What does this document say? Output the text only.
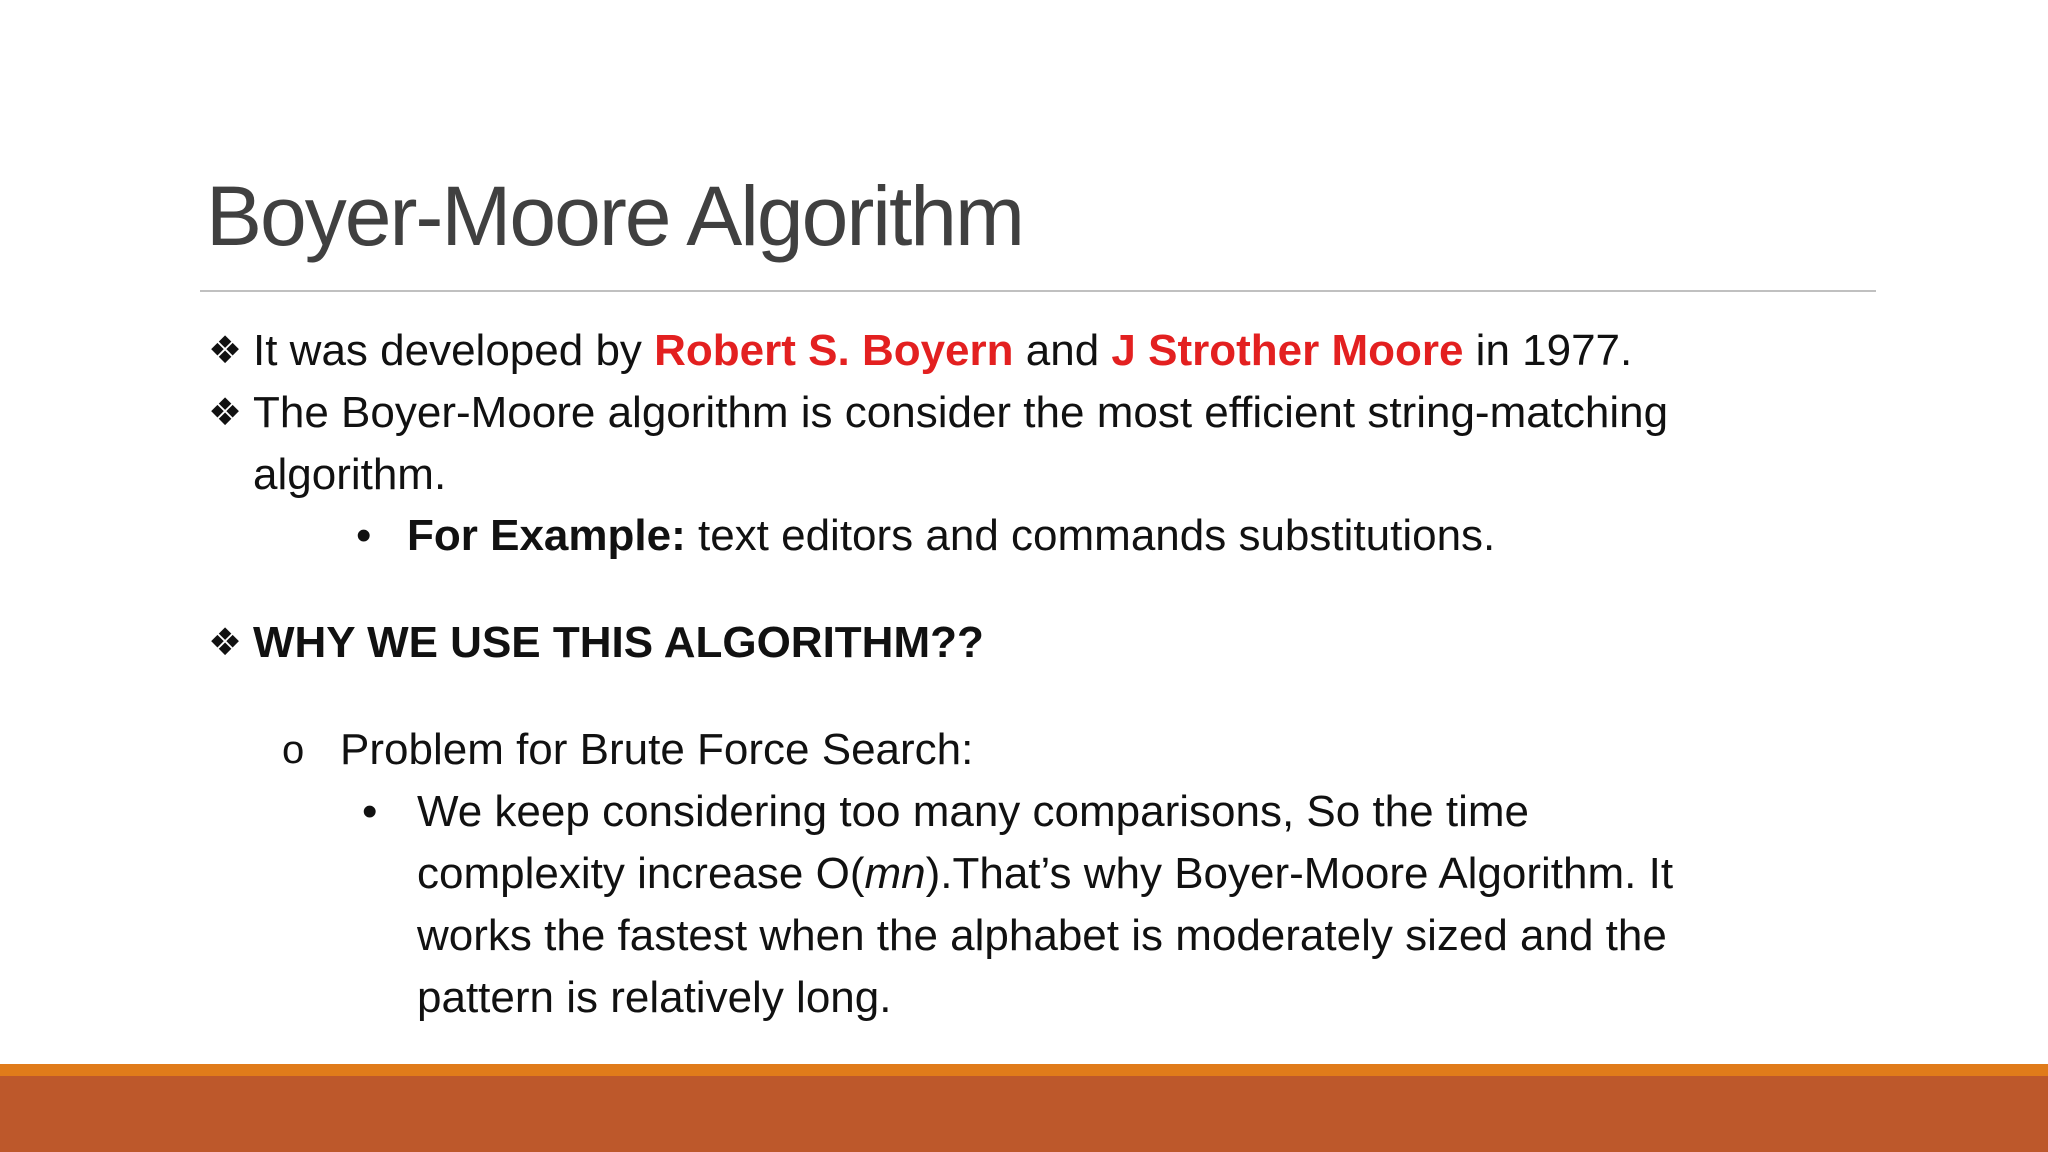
Boyer-Moore Algorithm
❖ It was developed by Robert S. Boyern and J Strother Moore in 1977.
❖ The Boyer-Moore algorithm is consider the most efficient string-matching
algorithm.
• For Example: text editors and commands substitutions.
❖ WHY WE USE THIS ALGORITHM??
o Problem for Brute Force Search:
• We keep considering too many comparisons, So the time
complexity increase O(mn).That’s why Boyer-Moore Algorithm. It
works the fastest when the alphabet is moderately sized and the
pattern is relatively long.
